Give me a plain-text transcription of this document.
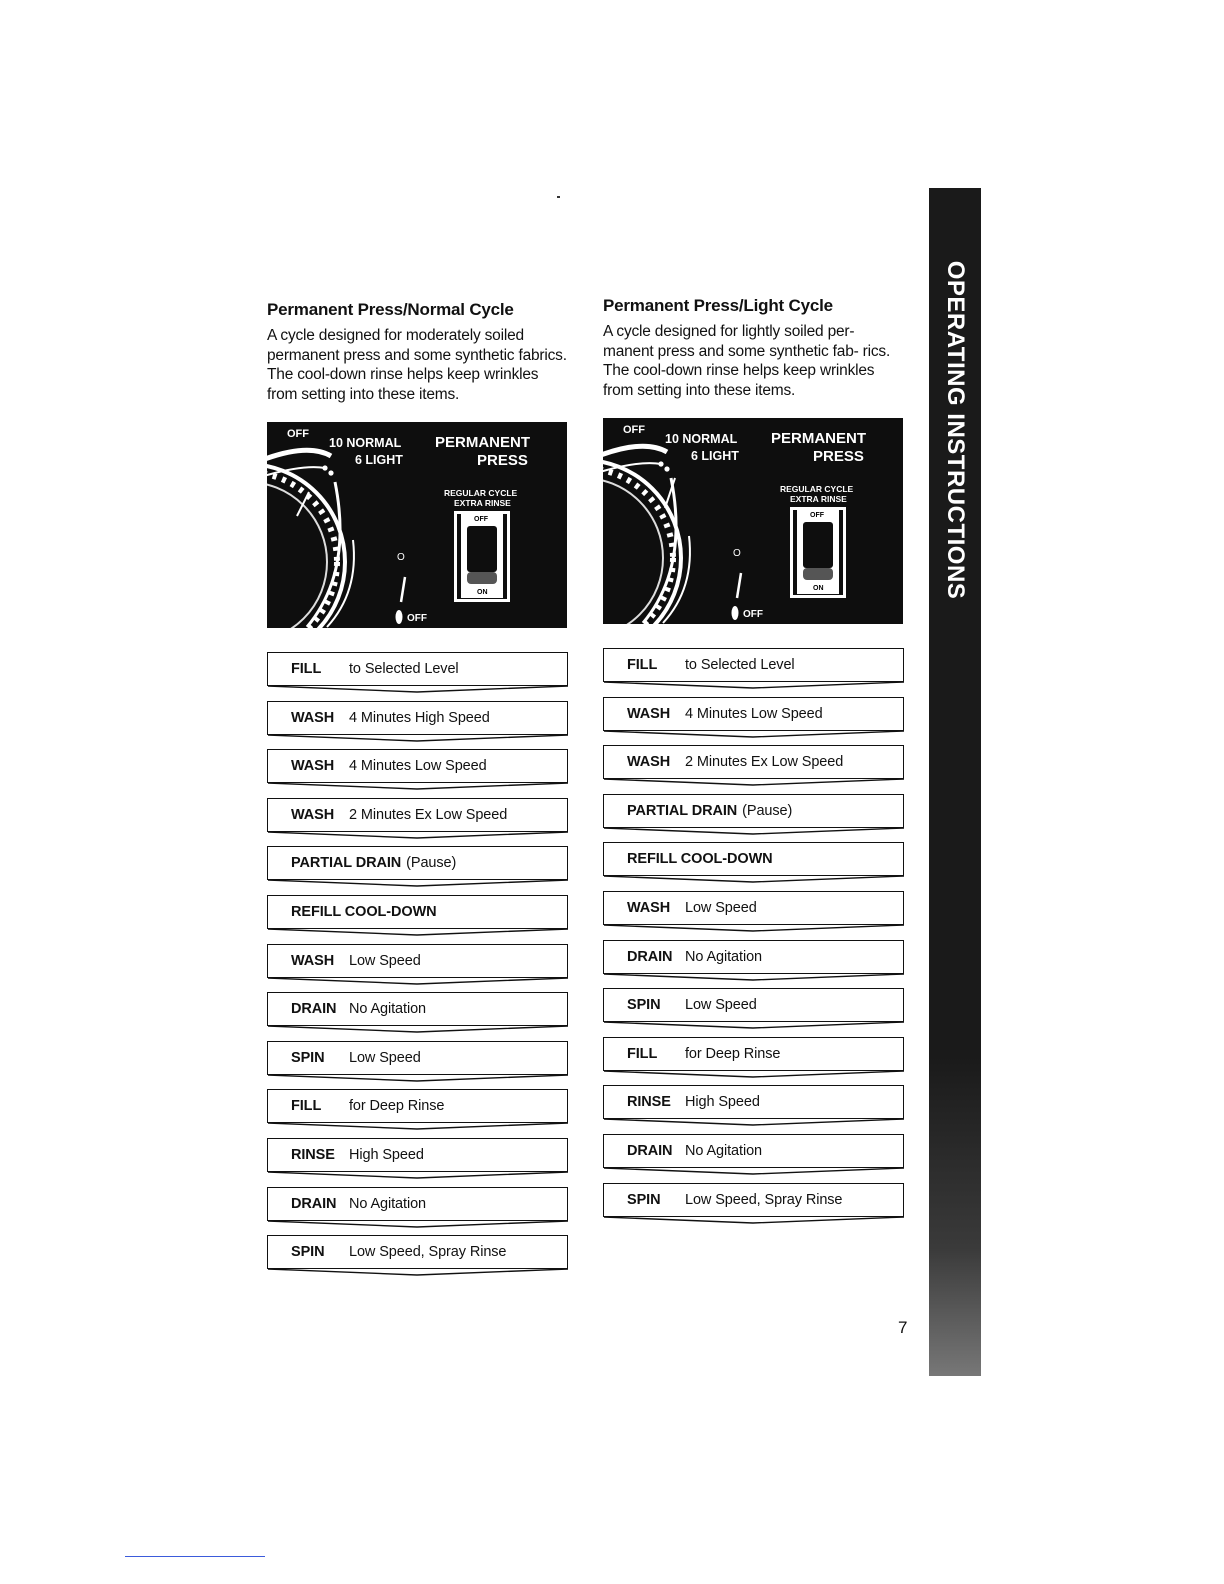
Permanent Press/Normal Cycle

A cycle designed for moderately soiled permanent press and some synthetic fabrics. The cool-down rinse helps keep wrinkles from setting into these items.

OFF
10 NORMAL
6 LIGHT
PERMANENT
PRESS
REGULAR CYCLE
EXTRA RINSE
OFF
ON
O
OFF
FILL to Selected Level
WASH 4 Minutes High Speed
WASH 4 Minutes Low Speed
WASH 2 Minutes Ex Low Speed
PARTIAL DRAIN (Pause)
REFILL COOL-DOWN
WASH Low Speed
DRAIN No Agitation
SPIN Low Speed
FILL for Deep Rinse
RINSE High Speed
DRAIN No Agitation
SPIN Low Speed, Spray Rinse
Permanent Press/Light Cycle

A cycle designed for lightly soiled per- manent press and some synthetic fab- rics. The cool-down rinse helps keep wrinkles from setting into these items.

OFF
10 NORMAL
6 LIGHT
PERMANENT
PRESS
REGULAR CYCLE
EXTRA RINSE
OFF
ON
O
OFF
FILL to Selected Level
WASH 4 Minutes Low Speed
WASH 2 Minutes Ex Low Speed
PARTIAL DRAIN (Pause)
REFILL COOL-DOWN
WASH Low Speed
DRAIN No Agitation
SPIN Low Speed
FILL for Deep Rinse
RINSE High Speed
DRAIN No Agitation
SPIN Low Speed, Spray Rinse
OPERATING INSTRUCTIONS
7
